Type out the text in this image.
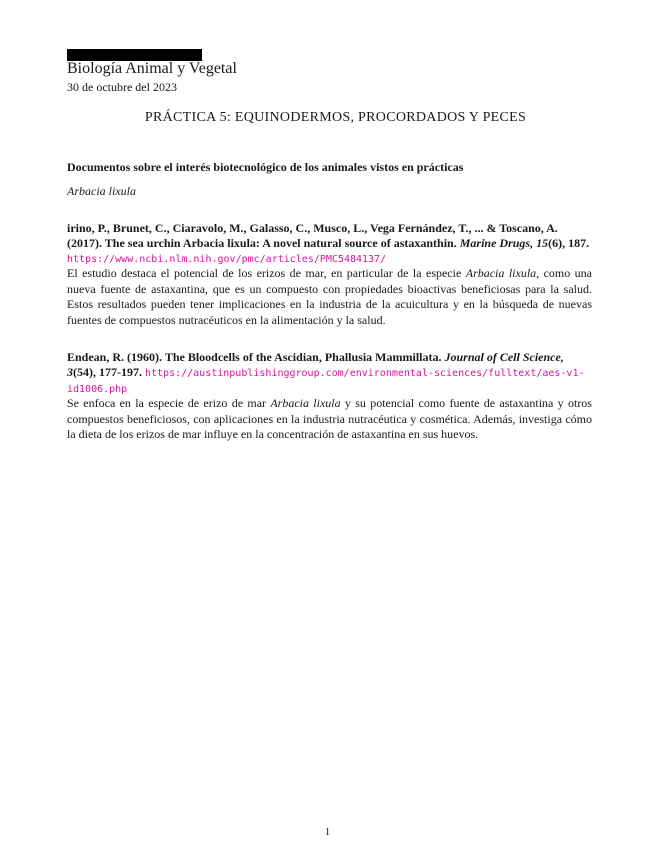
Biología Animal y Vegetal
30 de octubre del 2023
PRÁCTICA 5: EQUINODERMOS, PROCORDADOS Y PECES
Documentos sobre el interés biotecnológico de los animales vistos en prácticas
Arbacia lixula
irino, P., Brunet, C., Ciaravolo, M., Galasso, C., Musco, L., Vega Fernández, T., ... & Toscano, A. (2017). The sea urchin Arbacia lixula: A novel natural source of astaxanthin. Marine Drugs, 15(6), 187. https://www.ncbi.nlm.nih.gov/pmc/articles/PMC5484137/
El estudio destaca el potencial de los erizos de mar, en particular de la especie Arbacia lixula, como una nueva fuente de astaxantina, que es un compuesto con propiedades bioactivas beneficiosas para la salud. Estos resultados pueden tener implicaciones en la industria de la acuicultura y en la búsqueda de nuevas fuentes de compuestos nutracéuticos en la alimentación y la salud.
Endean, R. (1960). The Bloodcells of the Ascidian, Phallusia Mammillata. Journal of Cell Science, 3(54), 177-197. https://austinpublishinggroup.com/environmental-sciences/fulltext/aes-v1-id1006.php
Se enfoca en la especie de erizo de mar Arbacia lixula y su potencial como fuente de astaxantina y otros compuestos beneficiosos, con aplicaciones en la industria nutracéutica y cosmética. Además, investiga cómo la dieta de los erizos de mar influye en la concentración de astaxantina en sus huevos.
1
